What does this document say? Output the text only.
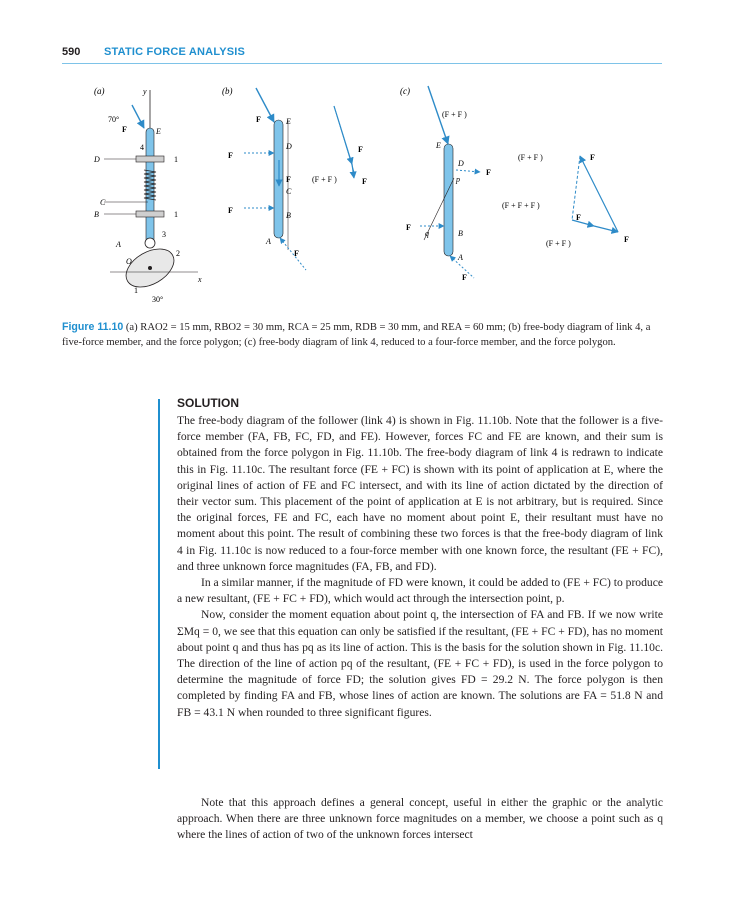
590 STATIC FORCE ANALYSIS
(a)	y
70°
F	E
4
D	1
C
B	1
A
3
2
O
x
1
30°
(b)
F	E
F
D
F
C
F
B
A
F
F
(F + F )	F
(c)
(F + F )
E
D
F
p
F
q	B
A
F
(F + F )	F
(F + F + F )
F
F
(F + F )
Figure 11.10 (a) RAO2 = 15 mm, RBO2 = 30 mm, RCA = 25 mm, RDB = 30 mm, and REA = 60 mm; (b) free-body diagram of link 4, a five-force member, and the force polygon; (c) free-body diagram of link 4, reduced to a four-force member, and the force polygon.
SOLUTION

The free-body diagram of the follower (link 4) is shown in Fig. 11.10b. Note that the follower is a five-force member (FA, FB, FC, FD, and FE). However, forces FC and FE are known, and their sum is obtained from the force polygon in Fig. 11.10b. The free-body diagram of link 4 is redrawn to indicate this in Fig. 11.10c. The resultant force (FE + FC) is shown with its point of application at E, where the original lines of action of FE and FC intersect, and with its line of action dictated by the direction of their vector sum. This placement of the point of application at E is not arbitrary, but is required. Since the original forces, FE and FC, each have no moment about point E, their resultant must have no moment about this point. The result of combining these two forces is that the free-body diagram of link 4 in Fig. 11.10c is now reduced to a four-force member with one known force, the resultant (FE + FC), and three unknown force magnitudes (FA, FB, and FD).

In a similar manner, if the magnitude of FD were known, it could be added to (FE + FC) to produce a new resultant, (FE + FC + FD), which would act through the intersection point, p.

Now, consider the moment equation about point q, the intersection of FA and FB. If we now write ΣMq = 0, we see that this equation can only be satisfied if the resultant, (FE + FC + FD), has no moment about point q and thus has pq as its line of action. This is the basis for the solution shown in Fig. 11.10c. The direction of the line of action pq of the resultant, (FE + FC + FD), is used in the force polygon to determine the magnitude of force FD; the solution gives FD = 29.2 N. The force polygon is then completed by finding FA and FB, whose lines of action are known. The solutions are FA = 51.8 N and FB = 43.1 N when rounded to three significant figures.

Note that this approach defines a general concept, useful in either the graphic or the analytic approach. When there are three unknown force magnitudes on a member, we choose a point such as q where the lines of action of two of the unknown forces intersect
